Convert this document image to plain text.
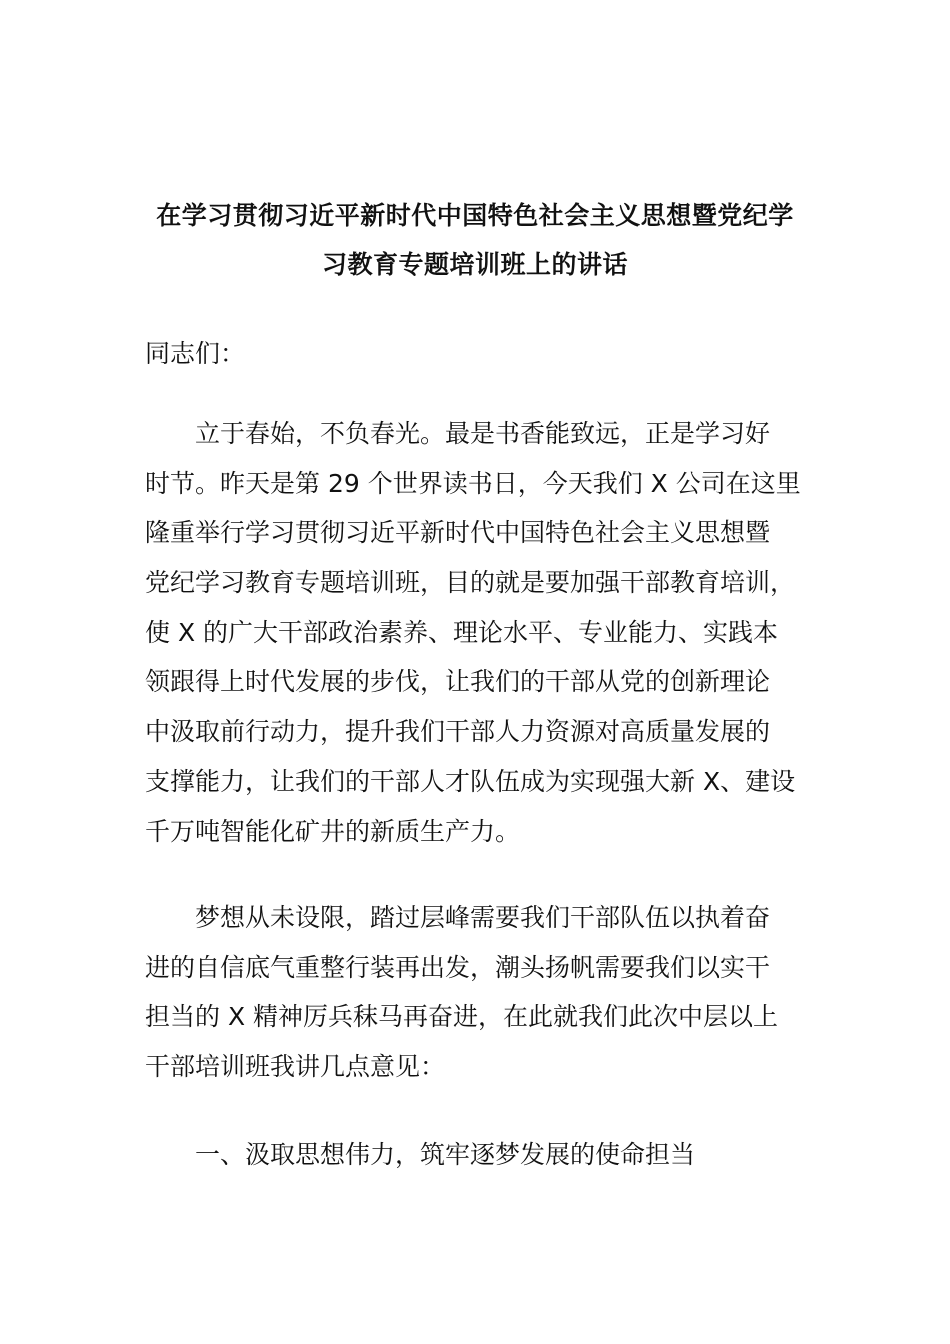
在学习贯彻习近平新时代中国特色社会主义思想暨党纪学
习教育专题培训班上的讲话
同志们：
立于春始，不负春光。最是书香能致远，正是学习好
时节。昨天是第 29 个世界读书日，今天我们 X 公司在这里
隆重举行学习贯彻习近平新时代中国特色社会主义思想暨
党纪学习教育专题培训班，目的就是要加强干部教育培训，
使 X 的广大干部政治素养、理论水平、专业能力、实践本
领跟得上时代发展的步伐，让我们的干部从党的创新理论
中汲取前行动力，提升我们干部人力资源对高质量发展的
支撑能力，让我们的干部人才队伍成为实现强大新 X、建设
千万吨智能化矿井的新质生产力。
梦想从未设限，踏过层峰需要我们干部队伍以执着奋
进的自信底气重整行装再出发，潮头扬帆需要我们以实干
担当的 X 精神厉兵秣马再奋进，在此就我们此次中层以上
干部培训班我讲几点意见：
一、汲取思想伟力，筑牢逐梦发展的使命担当
